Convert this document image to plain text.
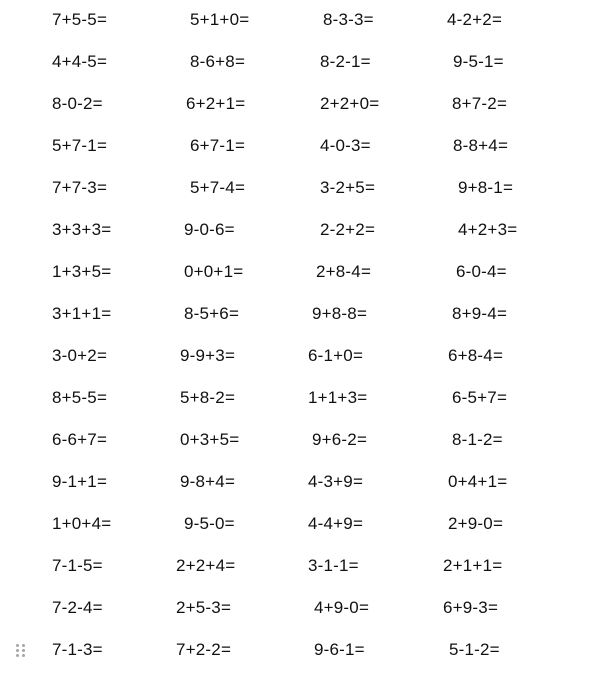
7+5-5=	5+1+0=	8-3-3=	4-2+2=
4+4-5=	8-6+8=	8-2-1=	9-5-1=
8-0-2=	6+2+1=	2+2+0=	8+7-2=
5+7-1=	6+7-1=	4-0-3=	8-8+4=
7+7-3=	5+7-4=	3-2+5=	9+8-1=
3+3+3=	9-0-6=	2-2+2=	4+2+3=
1+3+5=	0+0+1=	2+8-4=	6-0-4=
3+1+1=	8-5+6=	9+8-8=	8+9-4=
3-0+2=	9-9+3=	6-1+0=	6+8-4=
8+5-5=	5+8-2=	1+1+3=	6-5+7=
6-6+7=	0+3+5=	9+6-2=	8-1-2=
9-1+1=	9-8+4=	4-3+9=	0+4+1=
1+0+4=	9-5-0=	4-4+9=	2+9-0=
7-1-5=	2+2+4=	3-1-1=	2+1+1=
7-2-4=	2+5-3=	4+9-0=	6+9-3=
7-1-3=	7+2-2=	9-6-1=	5-1-2=
